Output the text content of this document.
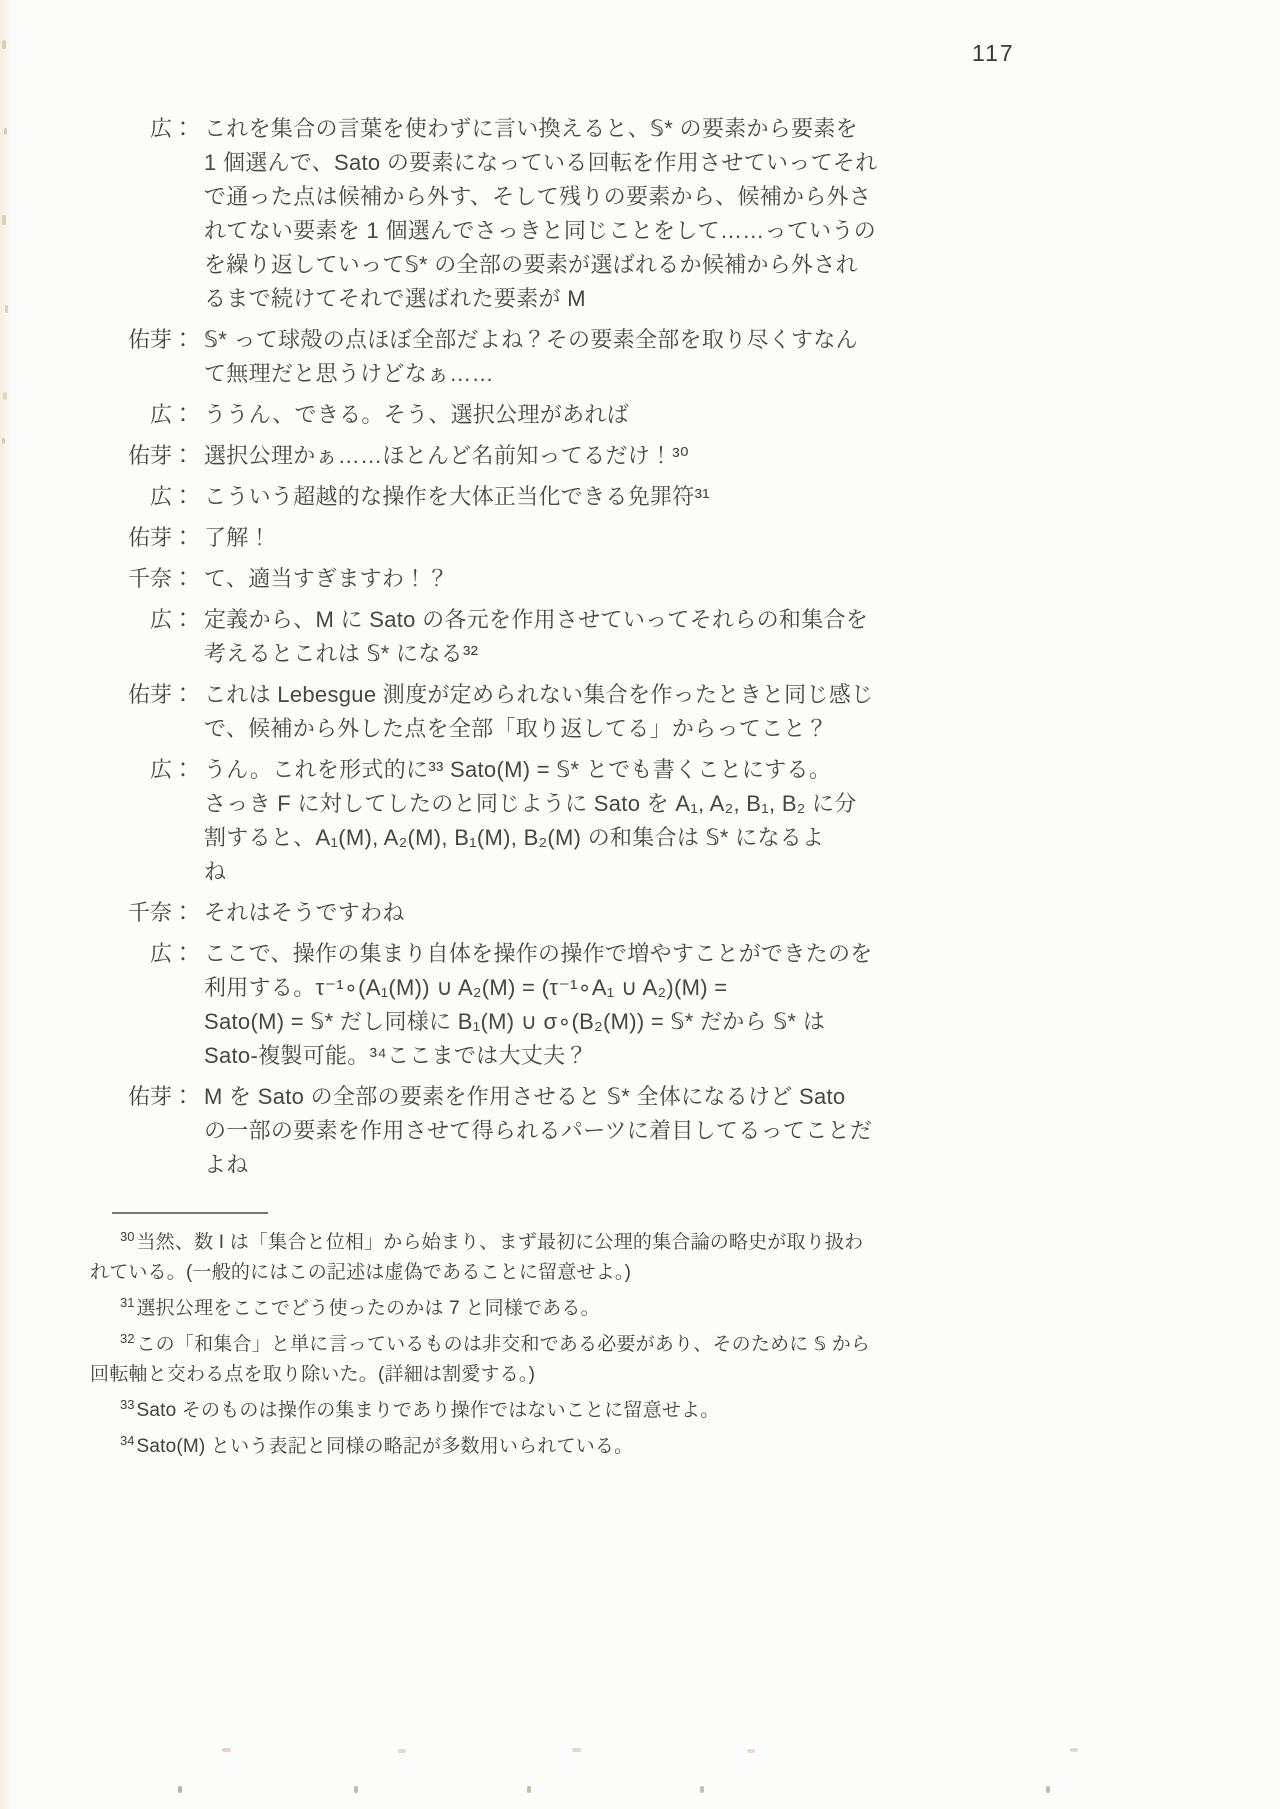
117
広： これを集合の言葉を使わずに言い換えると、𝕊* の要素から要素を
1 個選んで、Sato の要素になっている回転を作用させていってそれ
で通った点は候補から外す、そして残りの要素から、候補から外さ
れてない要素を 1 個選んでさっきと同じことをして……っていうの
を繰り返していって𝕊* の全部の要素が選ばれるか候補から外され
るまで続けてそれで選ばれた要素が M
佑芽： 𝕊* って球殻の点ほぼ全部だよね？その要素全部を取り尽くすなん
て無理だと思うけどなぁ……
広： ううん、できる。そう、選択公理があれば
佑芽： 選択公理かぁ……ほとんど名前知ってるだけ！³⁰
広： こういう超越的な操作を大体正当化できる免罪符³¹
佑芽： 了解！
千奈： て、適当すぎますわ！？
広： 定義から、M に Sato の各元を作用させていってそれらの和集合を
考えるとこれは 𝕊* になる³²
佑芽： これは Lebesgue 測度が定められない集合を作ったときと同じ感じ
で、候補から外した点を全部「取り返してる」からってこと？
広： うん。これを形式的に³³ Sato(M) = 𝕊* とでも書くことにする。
さっき F に対してしたのと同じように Sato を A₁, A₂, B₁, B₂ に分
割すると、A₁(M), A₂(M), B₁(M), B₂(M) の和集合は 𝕊* になるよ
ね
千奈： それはそうですわね
広： ここで、操作の集まり自体を操作の操作で増やすことができたのを
利用する。τ⁻¹∘(A₁(M)) ∪ A₂(M) = (τ⁻¹∘A₁ ∪ A₂)(M) =
Sato(M) = 𝕊* だし同様に B₁(M) ∪ σ∘(B₂(M)) = 𝕊* だから 𝕊* は
Sato-複製可能。³⁴ここまでは大丈夫？
佑芽： M を Sato の全部の要素を作用させると 𝕊* 全体になるけど Sato
の一部の要素を作用させて得られるパーツに着目してるってことだ
よね
$^{30}$ 当然、数 I は「集合と位相」から始まり、まず最初に公理的集合論の略史が取り扱わ
れている。(一般的にはこの記述は虚偽であることに留意せよ。)
$^{31}$ 選択公理をここでどう使ったのかは 7 と同様である。
$^{32}$ この「和集合」と単に言っているものは非交和である必要があり、そのために 𝕊 から
回転軸と交わる点を取り除いた。(詳細は割愛する。)
$^{33}$ Sato そのものは操作の集まりであり操作ではないことに留意せよ。
$^{34}$ Sato(M) という表記と同様の略記が多数用いられている。
